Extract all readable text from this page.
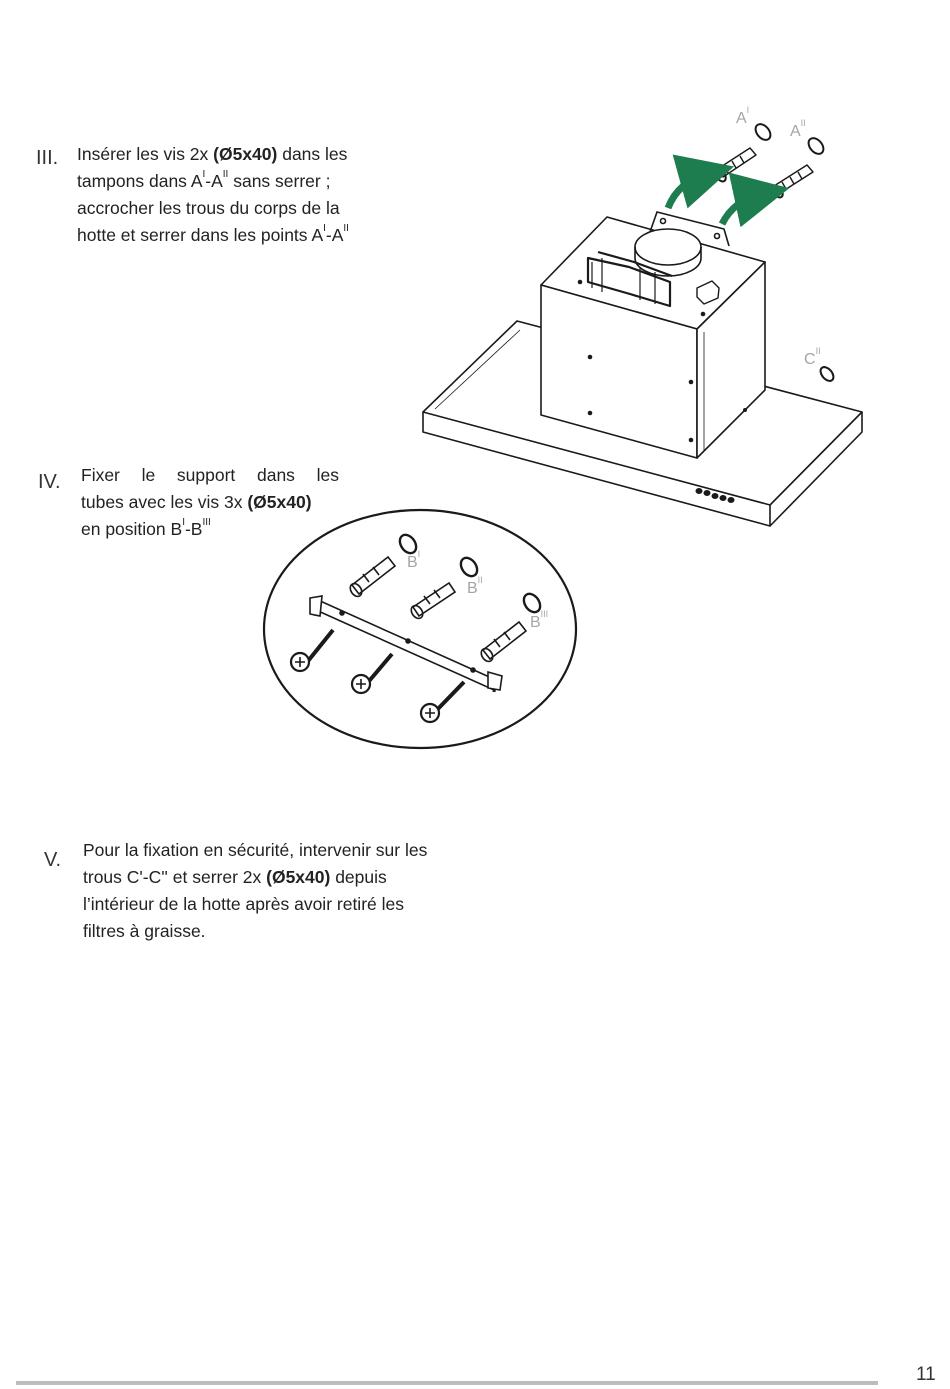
III. Insérer les vis 2x (Ø5x40) dans les
tampons dans $A^I-A^{II}$ sans serrer ;
accrocher les trous du corps de la
hotte et serrer dans les points $A^I-A^{II}$
IV. Fixer le support dans les
tubes avec les vis 3x (Ø5x40)
en position $B^I-B^{III}$
V. Pour la fixation en sécurité, intervenir sur les
trous C'-C'' et serrer 2x (Ø5x40) depuis
l’intérieur de la hotte après avoir retiré les
filtres à graisse.
$A^I$
$A^{II}$
$C^{II}$
$B^I$
$B^{II}$
$B^{III}$
11
